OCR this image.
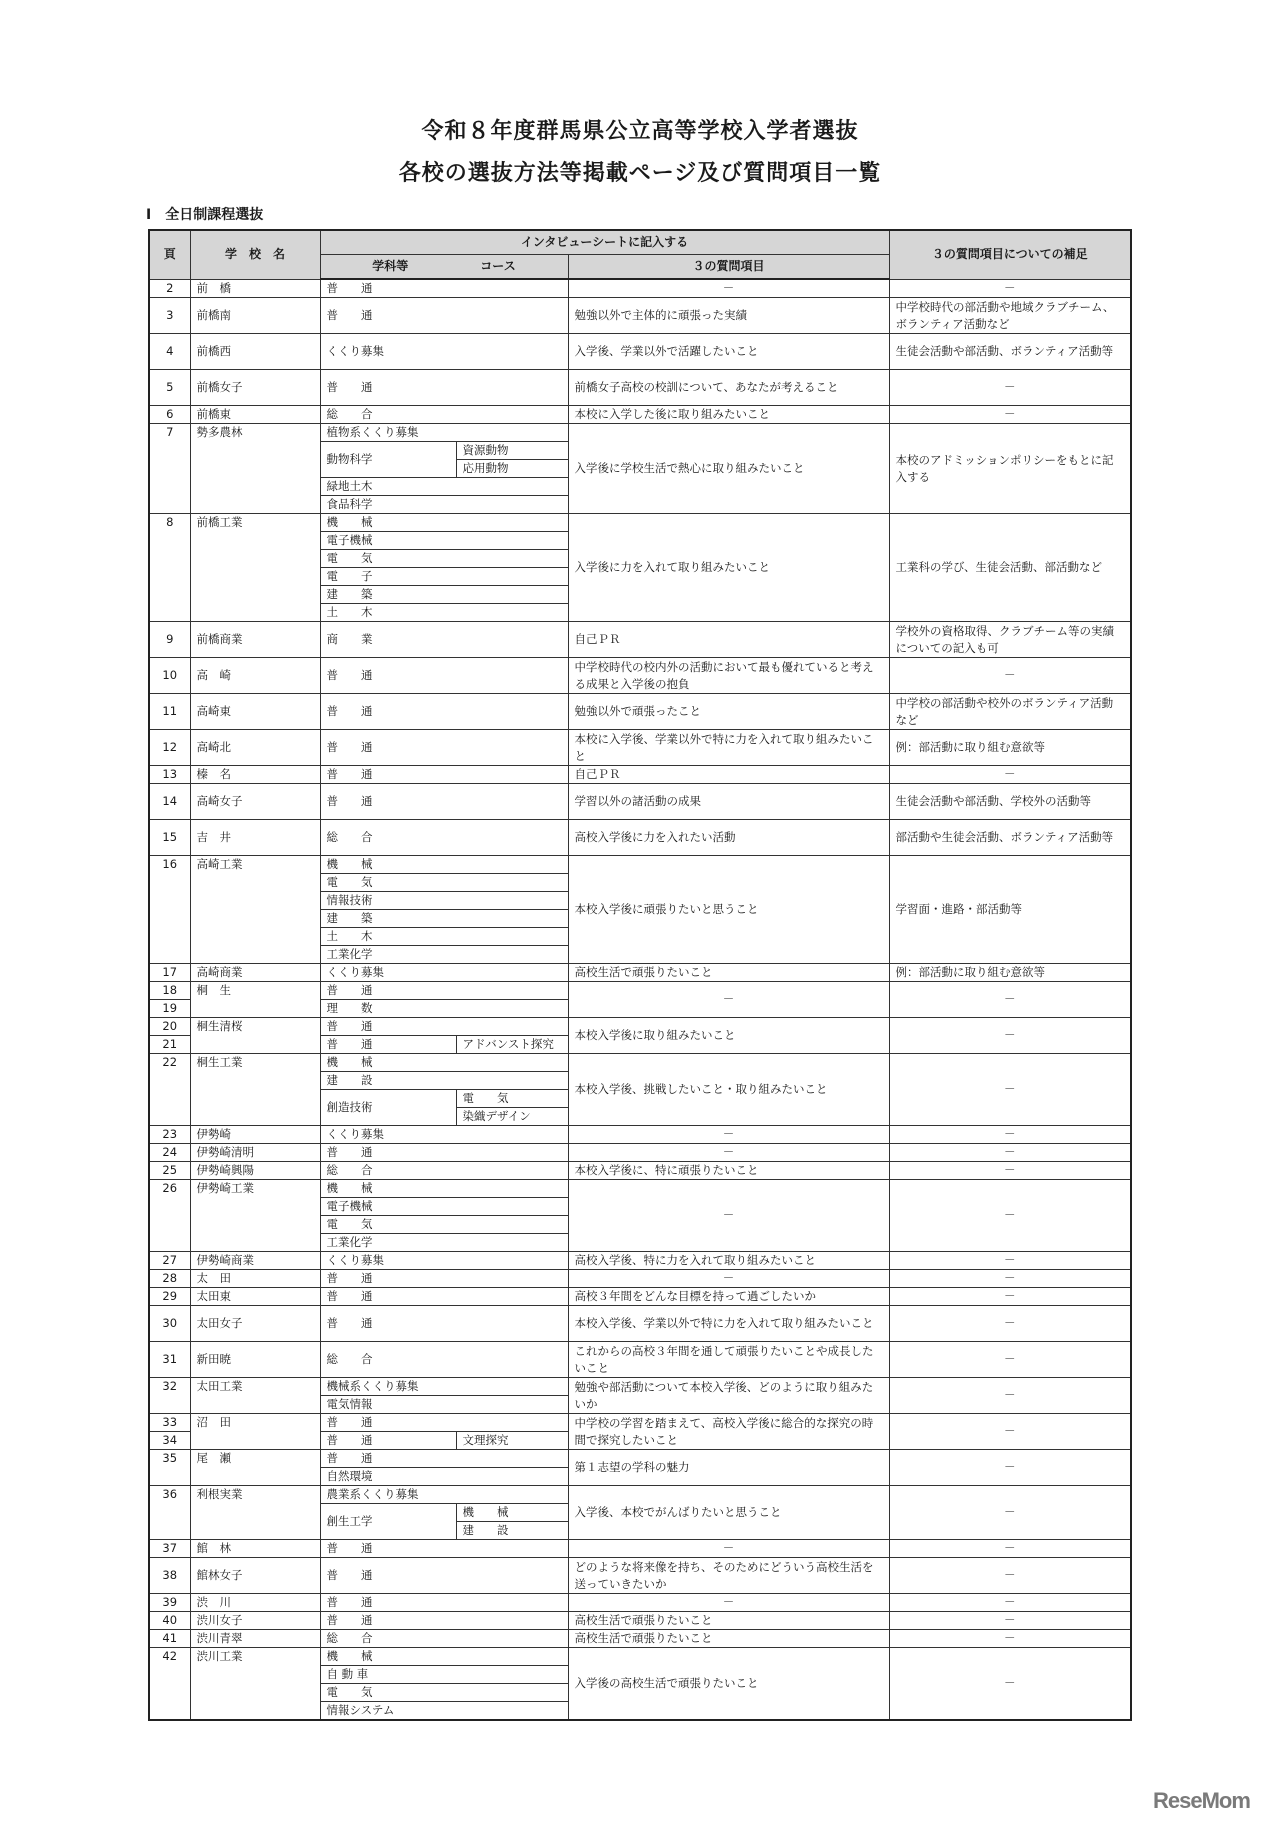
令和８年度群馬県公立高等学校入学者選抜
各校の選抜方法等掲載ページ及び質問項目一覧
Ⅰ　全日制課程選抜
頁	学　校　名	インタビューシートに記入する			３の質問項目についての補足
		学科等　　　　　　コース		３の質問項目	
2	前　橋	普　　通		－	－
3	前橋南	普　　通		勉強以外で主体的に頑張った実績	中学校時代の部活動や地域クラブチーム、ボランティア活動など
4	前橋西	くくり募集		入学後、学業以外で活躍したいこと	生徒会活動や部活動、ボランティア活動等
5	前橋女子	普　　通		前橋女子高校の校訓について、あなたが考えること	－
6	前橋東	総　　合		本校に入学した後に取り組みたいこと	－
7	勢多農林	植物系くくり募集		入学後に学校生活で熱心に取り組みたいこと	本校のアドミッションポリシーをもとに記入する
		動物科学	資源動物		
			応用動物		
		緑地土木			
		食品科学			
8	前橋工業	機　　械		入学後に力を入れて取り組みたいこと	工業科の学び、生徒会活動、部活動など
		電子機械			
		電　　気			
		電　　子			
		建　　築			
		土　　木			
9	前橋商業	商　　業		自己ＰＲ	学校外の資格取得、クラブチーム等の実績についての記入も可
10	高　崎	普　　通		中学校時代の校内外の活動において最も優れていると考える成果と入学後の抱負	－
11	高崎東	普　　通		勉強以外で頑張ったこと	中学校の部活動や校外のボランティア活動など
12	高崎北	普　　通		本校に入学後、学業以外で特に力を入れて取り組みたいこと	例：部活動に取り組む意欲等
13	榛　名	普　　通		自己ＰＲ	－
14	高崎女子	普　　通		学習以外の諸活動の成果	生徒会活動や部活動、学校外の活動等
15	吉　井	総　　合		高校入学後に力を入れたい活動	部活動や生徒会活動、ボランティア活動等
16	高崎工業	機　　械		本校入学後に頑張りたいと思うこと	学習面・進路・部活動等
		電　　気			
		情報技術			
		建　　築			
		土　　木			
		工業化学			
17	高崎商業	くくり募集		高校生活で頑張りたいこと	例：部活動に取り組む意欲等
18	桐　生	普　　通		－	－
19		理　　数			
20	桐生清桜	普　　通		本校入学後に取り組みたいこと	－
21		普　　通	アドバンスト探究		
22	桐生工業	機　　械		本校入学後、挑戦したいこと・取り組みたいこと	－
		建　　設			
		創造技術	電　　気		
			染織デザイン		
23	伊勢崎	くくり募集		－	－
24	伊勢崎清明	普　　通		－	－
25	伊勢崎興陽	総　　合		本校入学後に、特に頑張りたいこと	－
26	伊勢崎工業	機　　械		－	－
		電子機械			
		電　　気			
		工業化学			
27	伊勢崎商業	くくり募集		高校入学後、特に力を入れて取り組みたいこと	－
28	太　田	普　　通		－	－
29	太田東	普　　通		高校３年間をどんな目標を持って過ごしたいか	－
30	太田女子	普　　通		本校入学後、学業以外で特に力を入れて取り組みたいこと	－
31	新田暁	総　　合		これからの高校３年間を通して頑張りたいことや成長したいこと	－
32	太田工業	機械系くくり募集		勉強や部活動について本校入学後、どのように取り組みたいか	－
		電気情報			
33	沼　田	普　　通		中学校の学習を踏まえて、高校入学後に総合的な探究の時間で探究したいこと	－
34		普　　通	文理探究		
35	尾　瀬	普　　通		第１志望の学科の魅力	－
		自然環境			
36	利根実業	農業系くくり募集		入学後、本校でがんばりたいと思うこと	－
		創生工学	機　　械		
			建　　設		
37	館　林	普　　通		－	－
38	館林女子	普　　通		どのような将来像を持ち、そのためにどういう高校生活を送っていきたいか	－
39	渋　川	普　　通		－	－
40	渋川女子	普　　通		高校生活で頑張りたいこと	－
41	渋川青翠	総　　合		高校生活で頑張りたいこと	－
42	渋川工業	機　　械		入学後の高校生活で頑張りたいこと	－
		自 動 車			
		電　　気			
		情報システム			
ReseMom
